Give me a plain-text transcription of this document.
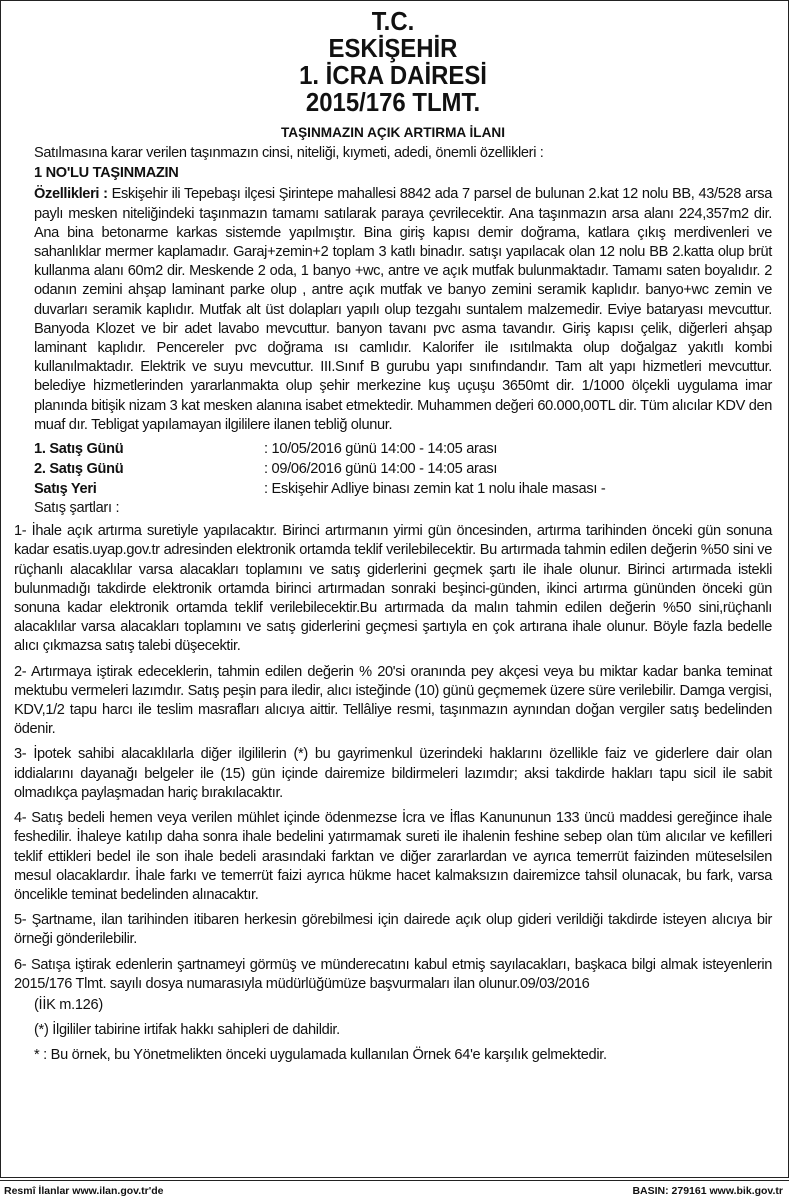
T.C.
ESKİŞEHİR
1. İCRA DAİRESİ
2015/176 TLMT.
TAŞINMAZIN AÇIK ARTIRMA İLANI

Satılmasına karar verilen taşınmazın cinsi, niteliği, kıymeti, adedi, önemli özellikleri :

1 NO'LU TAŞINMAZIN

Özellikleri : Eskişehir ili Tepebaşı ilçesi Şirintepe mahallesi 8842 ada 7 parsel de bulunan 2.kat 12 nolu BB, 43/528 arsa paylı mesken niteliğindeki taşınmazın tamamı satılarak paraya çevrilecektir. Ana taşınmazın arsa alanı 224,357m2 dir. Ana bina betonarme karkas sistemde yapılmıştır. Bina giriş kapısı demir doğrama, katlara çıkış merdivenleri ve sahanlıklar mermer kaplamadır. Garaj+zemin+2 toplam 3 katlı binadır. satışı yapılacak olan 12 nolu BB 2.katta olup brüt kullanma alanı 60m2 dir. Meskende 2 oda, 1 banyo +wc, antre ve açık mutfak bulunmaktadır. Tamamı saten boyalıdır. 2 odanın zemini ahşap laminant parke olup , antre açık mutfak ve banyo zemini seramik kaplıdır. banyo+wc zemin ve duvarları seramik kaplıdır. Mutfak alt üst dolapları yapılı olup tezgahı suntalem malzemedir. Eviye bataryası mevcuttur. Banyoda Klozet ve bir adet lavabo mevcuttur. banyon tavanı pvc asma tavandır. Giriş kapısı çelik, diğerleri ahşap laminant kaplıdır. Pencereler pvc doğrama ısı camlıdır. Kalorifer ile ısıtılmakta olup doğalgaz yakıtlı kombi kullanılmaktadır. Elektrik ve suyu mevcuttur. III.Sınıf B gurubu yapı sınıfındandır. Tam alt yapı hizmetleri mevcuttur. belediye hizmetlerinden yararlanmakta olup şehir merkezine kuş uçuşu 3650mt dir. 1/1000 ölçekli uygulama imar planında bitişik nizam 3 kat mesken alanına isabet etmektedir. Muhammen değeri 60.000,00TL dir. Tüm alıcılar KDV den muaf dır. Tebligat yapılamayan ilgililere ilanen tebliğ olunur.

1. Satış Günü	: 10/05/2016 günü 14:00 - 14:05 arası
2. Satış Günü	: 09/06/2016 günü 14:00 - 14:05 arası
Satış Yeri	: Eskişehir Adliye binası zemin kat 1 nolu ihale masası -
Satış şartları :

1- İhale açık artırma suretiyle yapılacaktır. Birinci artırmanın yirmi gün öncesinden, artırma tarihinden önceki gün sonuna kadar esatis.uyap.gov.tr adresinden elektronik ortamda teklif verilebilecektir. Bu artırmada tahmin edilen değerin %50 sini ve rüçhanlı alacaklılar varsa alacakları toplamını ve satış giderlerini geçmek şartı ile ihale olunur. Birinci artırmada istekli bulunmadığı takdirde elektronik ortamda birinci artırmadan sonraki beşinci-günden, ikinci artırma gününden önceki gün sonuna kadar elektronik ortamda teklif verilebilecektir.Bu artırmada da malın tahmin edilen değerin %50 sini,rüçhanlı alacaklılar varsa alacakları toplamını ve satış giderlerini geçmesi şartıyla en çok artırana ihale olunur. Böyle fazla bedelle alıcı çıkmazsa satış talebi düşecektir.

2- Artırmaya iştirak edeceklerin, tahmin edilen değerin % 20'si oranında pey akçesi veya bu miktar kadar banka teminat mektubu vermeleri lazımdır. Satış peşin para iledir, alıcı isteğinde (10) günü geçmemek üzere süre verilebilir. Damga vergisi, KDV,1/2 tapu harcı ile teslim masrafları alıcıya aittir. Tellâliye resmi, taşınmazın aynından doğan vergiler satış bedelinden ödenir.

3- İpotek sahibi alacaklılarla diğer ilgililerin (*) bu gayrimenkul üzerindeki haklarını özellikle faiz ve giderlere dair olan iddialarını dayanağı belgeler ile (15) gün içinde dairemize bildirmeleri lazımdır; aksi takdirde hakları tapu sicil ile sabit olmadıkça paylaşmadan hariç bırakılacaktır.

4- Satış bedeli hemen veya verilen mühlet içinde ödenmezse İcra ve İflas Kanununun 133 üncü maddesi gereğince ihale feshedilir. İhaleye katılıp daha sonra ihale bedelini yatırmamak sureti ile ihalenin feshine sebep olan tüm alıcılar ve kefilleri teklif ettikleri bedel ile son ihale bedeli arasındaki farktan ve diğer zararlardan ve ayrıca temerrüt faizinden müteselsilen mesul olacaklardır. İhale farkı ve temerrüt faizi ayrıca hükme hacet kalmaksızın dairemizce tahsil olunacak, bu fark, varsa öncelikle teminat bedelinden alınacaktır.

5- Şartname, ilan tarihinden itibaren herkesin görebilmesi için dairede açık olup gideri verildiği takdirde isteyen alıcıya bir örneği gönderilebilir.

6- Satışa iştirak edenlerin şartnameyi görmüş ve münderecatını kabul etmiş sayılacakları, başkaca bilgi almak isteyenlerin 2015/176 Tlmt. sayılı dosya numarasıyla müdürlüğümüze başvurmaları ilan olunur.09/03/2016

(İİK m.126)
(*) İlgililer tabirine irtifak hakkı sahipleri de dahildir.
* : Bu örnek, bu Yönetmelikten önceki uygulamada kullanılan Örnek 64'e karşılık gelmektedir.
Resmî İlanlar www.ilan.gov.tr'de	BASIN: 279161 www.bik.gov.tr
